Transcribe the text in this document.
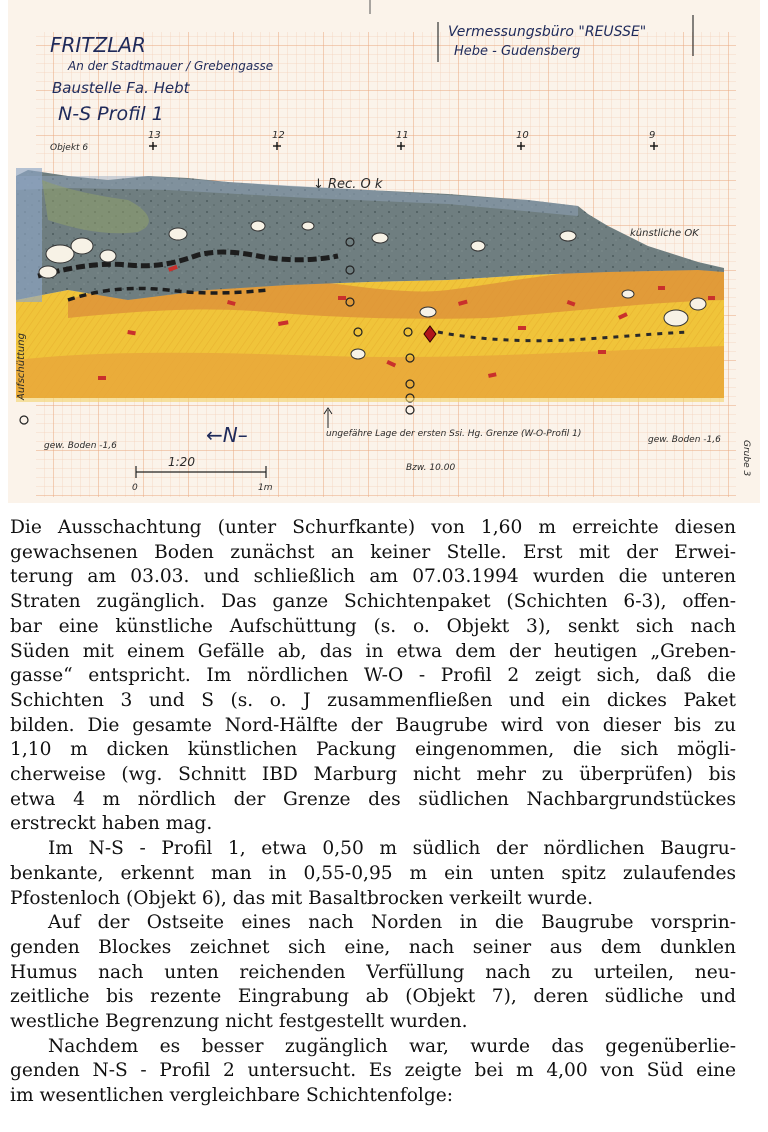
FRITZLAR
An der Stadtmauer / Grebengasse
Baustelle Fa. Hebt
N-S Profil 1
Vermessungsbüro "REUSSE"
Hebe - Gudensberg
Objekt 6
13	12	11	10	9
↓ Rec. O k
künstliche OK
ungefähre Lage der ersten Ssi. Hg. Grenze (W-O-Profil 1)
←N–
gew. Boden -1,6
Bzw. 10.00
gew. Boden -1,6
1:20
0	1m
Aufschüttung
Grube 3

Die Ausschachtung (unter Schurfkante) von 1,60 m erreichte diesen
gewachsenen Boden zunächst an keiner Stelle. Erst mit der Erwei-
terung am 03.03. und schließlich am 07.03.1994 wurden die unteren
Straten zugänglich. Das ganze Schichtenpaket (Schichten 6-3), offen-
bar eine künstliche Aufschüttung (s. o. Objekt 3), senkt sich nach
Süden mit einem Gefälle ab, das in etwa dem der heutigen „Greben-
gasse“ entspricht. Im nördlichen W-O - Profil 2 zeigt sich, daß die
Schichten 3 und S (s. o. J zusammenfließen und ein dickes Paket
bilden. Die gesamte Nord-Hälfte der Baugrube wird von dieser bis zu
1,10 m dicken künstlichen Packung eingenommen, die sich mögli-
cherweise (wg. Schnitt IBD Marburg nicht mehr zu überprüfen) bis
etwa 4 m nördlich der Grenze des südlichen Nachbargrundstückes
erstreckt haben mag.

Im N-S - Profil 1, etwa 0,50 m südlich der nördlichen Baugru-
benkante, erkennt man in 0,55-0,95 m ein unten spitz zulaufendes
Pfostenloch (Objekt 6), das mit Basaltbrocken verkeilt wurde.

Auf der Ostseite eines nach Norden in die Baugrube vorsprin-
genden Blockes zeichnet sich eine, nach seiner aus dem dunklen
Humus nach unten reichenden Verfüllung nach zu urteilen, neu-
zeitliche bis rezente Eingrabung ab (Objekt 7), deren südliche und
westliche Begrenzung nicht festgestellt wurden.

Nachdem es besser zugänglich war, wurde das gegenüberlie-
genden N-S - Profil 2 untersucht. Es zeigte bei m 4,00 von Süd eine
im wesentlichen vergleichbare Schichtenfolge:
